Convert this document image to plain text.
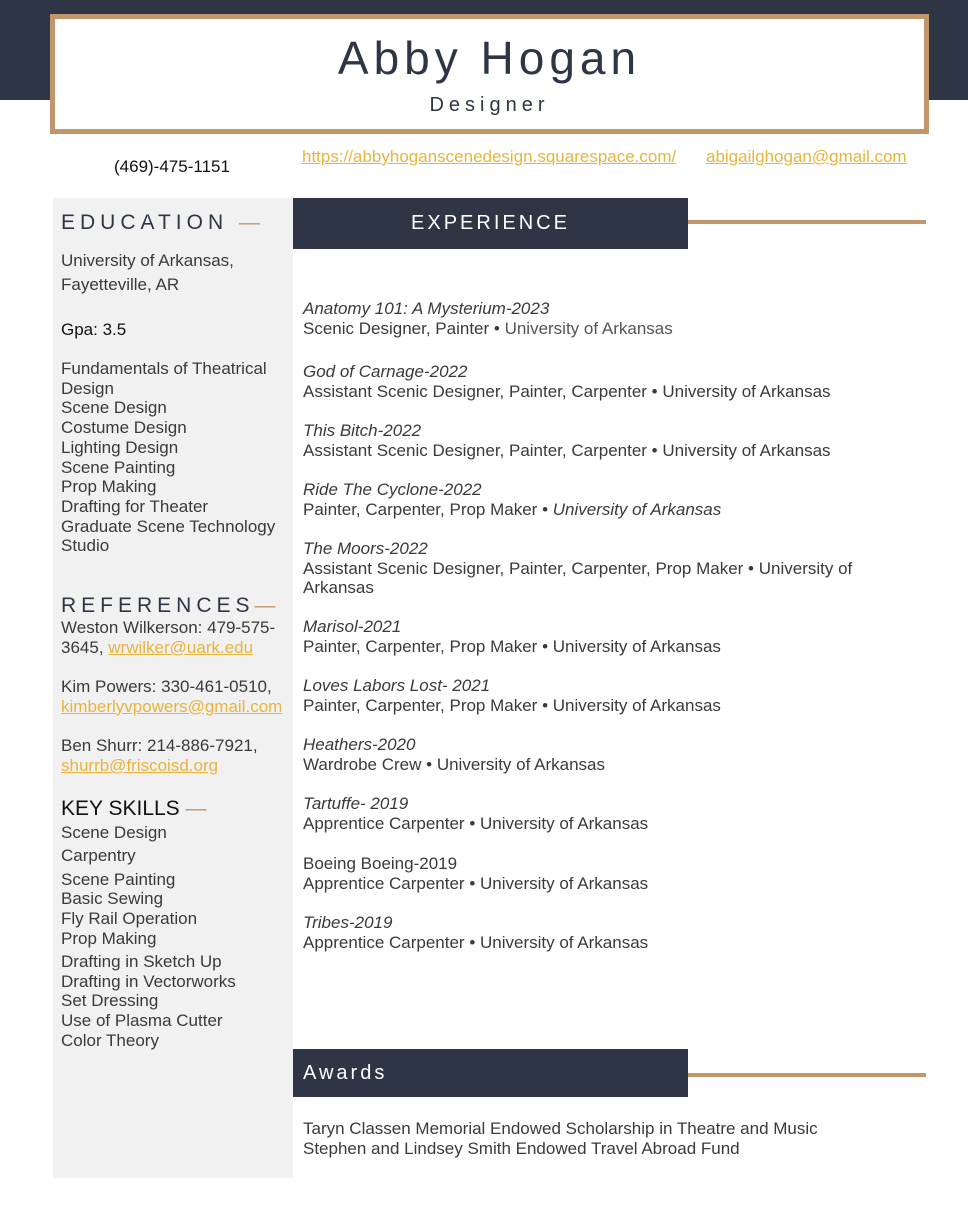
Abby Hogan
Designer
(469)-475-1151
https://abbyhoganscenedesign.squarespace.com/ abigailghogan@gmail.com
EDUCATION —
University of Arkansas,
Fayetteville, AR
Gpa: 3.5
Fundamentals of Theatrical
Design
Scene Design
Costume Design
Lighting Design
Scene Painting
Prop Making
Drafting for Theater
Graduate Scene Technology
Studio
REFERENCES—
Weston Wilkerson: 479-575-
3645, wrwilker@uark.edu
Kim Powers: 330-461-0510,
kimberlyvpowers@gmail.com
Ben Shurr: 214-886-7921,
shurrb@friscoisd.org
KEY SKILLS —
Scene Design
Carpentry
Scene Painting
Basic Sewing
Fly Rail Operation
Prop Making
Drafting in Sketch Up
Drafting in Vectorworks
Set Dressing
Use of Plasma Cutter
Color Theory
EXPERIENCE
Anatomy 101: A Mysterium-2023
Scenic Designer, Painter • University of Arkansas
God of Carnage-2022
Assistant Scenic Designer, Painter, Carpenter • University of Arkansas
This Bitch-2022
Assistant Scenic Designer, Painter, Carpenter • University of Arkansas
Ride The Cyclone-2022
Painter, Carpenter, Prop Maker • University of Arkansas
The Moors-2022
Assistant Scenic Designer, Painter, Carpenter, Prop Maker • University of Arkansas
Marisol-2021
Painter, Carpenter, Prop Maker • University of Arkansas
Loves Labors Lost- 2021
Painter, Carpenter, Prop Maker • University of Arkansas
Heathers-2020
Wardrobe Crew • University of Arkansas
Tartuffe- 2019
Apprentice Carpenter • University of Arkansas
Boeing Boeing-2019
Apprentice Carpenter • University of Arkansas
Tribes-2019
Apprentice Carpenter • University of Arkansas
Awards
Taryn Classen Memorial Endowed Scholarship in Theatre and Music
Stephen and Lindsey Smith Endowed Travel Abroad Fund
